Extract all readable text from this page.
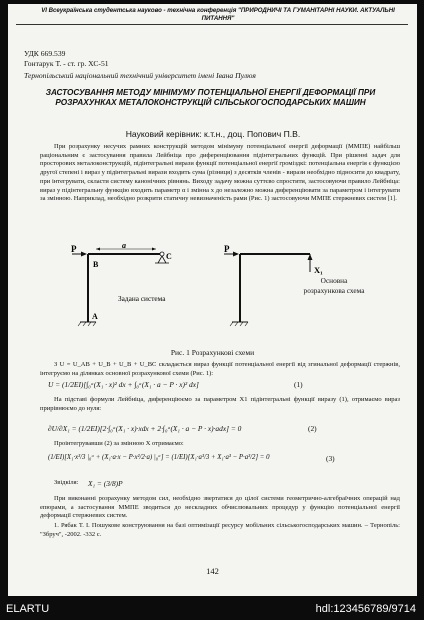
VI Всеукраїнська студентська науково - технічна конференція "ПРИРОДНИЧІ ТА ГУМАНІТАРНІ НАУКИ. АКТУАЛЬНІ ПИТАННЯ"
УДК 669.539
Гонтарук Т. - ст. гр. ХС-51
Тернопільський національний технічний університет імені Івана Пулюя
ЗАСТОСУВАННЯ МЕТОДУ МІНІМУМУ ПОТЕНЦІАЛЬНОЇ ЕНЕРГІЇ ДЕФОРМАЦІЇ ПРИ РОЗРАХУНКАХ МЕТАЛОКОНСТРУКЦІЙ СІЛЬСЬКОГОСПОДАРСЬКИХ МАШИН
Науковий керівник: к.т.н., доц. Попович П.В.
При розрахунку несучих рамних конструкцій методом мінімуму потенціальної енергії деформації (ММПЕ) найбільш раціональним є застосування правила Лейбніца про диференціювання підінтегральних функцій. При рішенні задач для просторових металоконструкцій, підінтегральні вирази функції потенціальної енергії громіздкі: потенціальна енергія є функцією другої степені і вираз у підінтегральні вирази входить сума (різниця) з десятків членів - вирази необхідно підносити до квадрату, при інтегрувати, скласти систему канонічних рівнянь. Виходу задачу можна суттєво спростити, застосовуючи правило Лейбніца: вираз у підінтегральну функцію входить параметр α і змінна x до незалежно можна диференціювати за параметром і інтегрувати за змінною. Наприклад, необхідно розкрити статичну невизначеність рами (Рис. 1) застосовуючи ММПЕ стержневих систем [1].
P	a
C
B
A
Задана система
P
X₁
Основна розрахункова схема
Рис. 1 Розрахункові схеми
З U = U_AB + U_B + U_B + U_BC складається вираз функції потенціальної енергії від згинальної деформації стержнів, інтегруємо на ділянках основної розрахункової схеми (Рис. 1):
U = (1/2EI)[∫₀ᵃ(X₁ · x)² dx + ∫₀ᵃ(X₁ · a − P · x)² dx]	(1)
На підставі формули Лейбніца, диференціюємо за параметром X1 підінтегральні функції виразу (1), отримаємо вираз прирівнюємо до нуля:
∂U/∂X₁ = (1/2EI)[2·∫₀ᵃ(X₁ · x)·xdx + 2·∫₀ᵃ(X₁ · a − P · x)·adx] = 0	(2)
Проінтегрувавши (2) за змінною X отримаємо:
(1/EI)[X₁·x³/3 |₀ᵃ + (X₁·a·x − P·x²/2·a) |₀ᵃ] = (1/EI)[X₁·a³/3 + X₁·a³ − P·a³/2] = 0	(3)
Звідкіля: X₁ = (3/8)P
При виконанні розрахунку методом сил, необхідно звертатися до цілої системи геометрично-алгебраїчних операцій над епюрами, а застосування ММПЕ зводиться до нескладних обчислювальних процедур у функцію потенціальної енергії деформації стержневих систем.
1. Рябак Т. І. Пошукове конструювання на базі оптимізації ресурсу мобільних сільськогосподарських машин. – Тернопіль: "Збруч", -2002. -332 с.
142
ELARTU	hdl:123456789/9714
